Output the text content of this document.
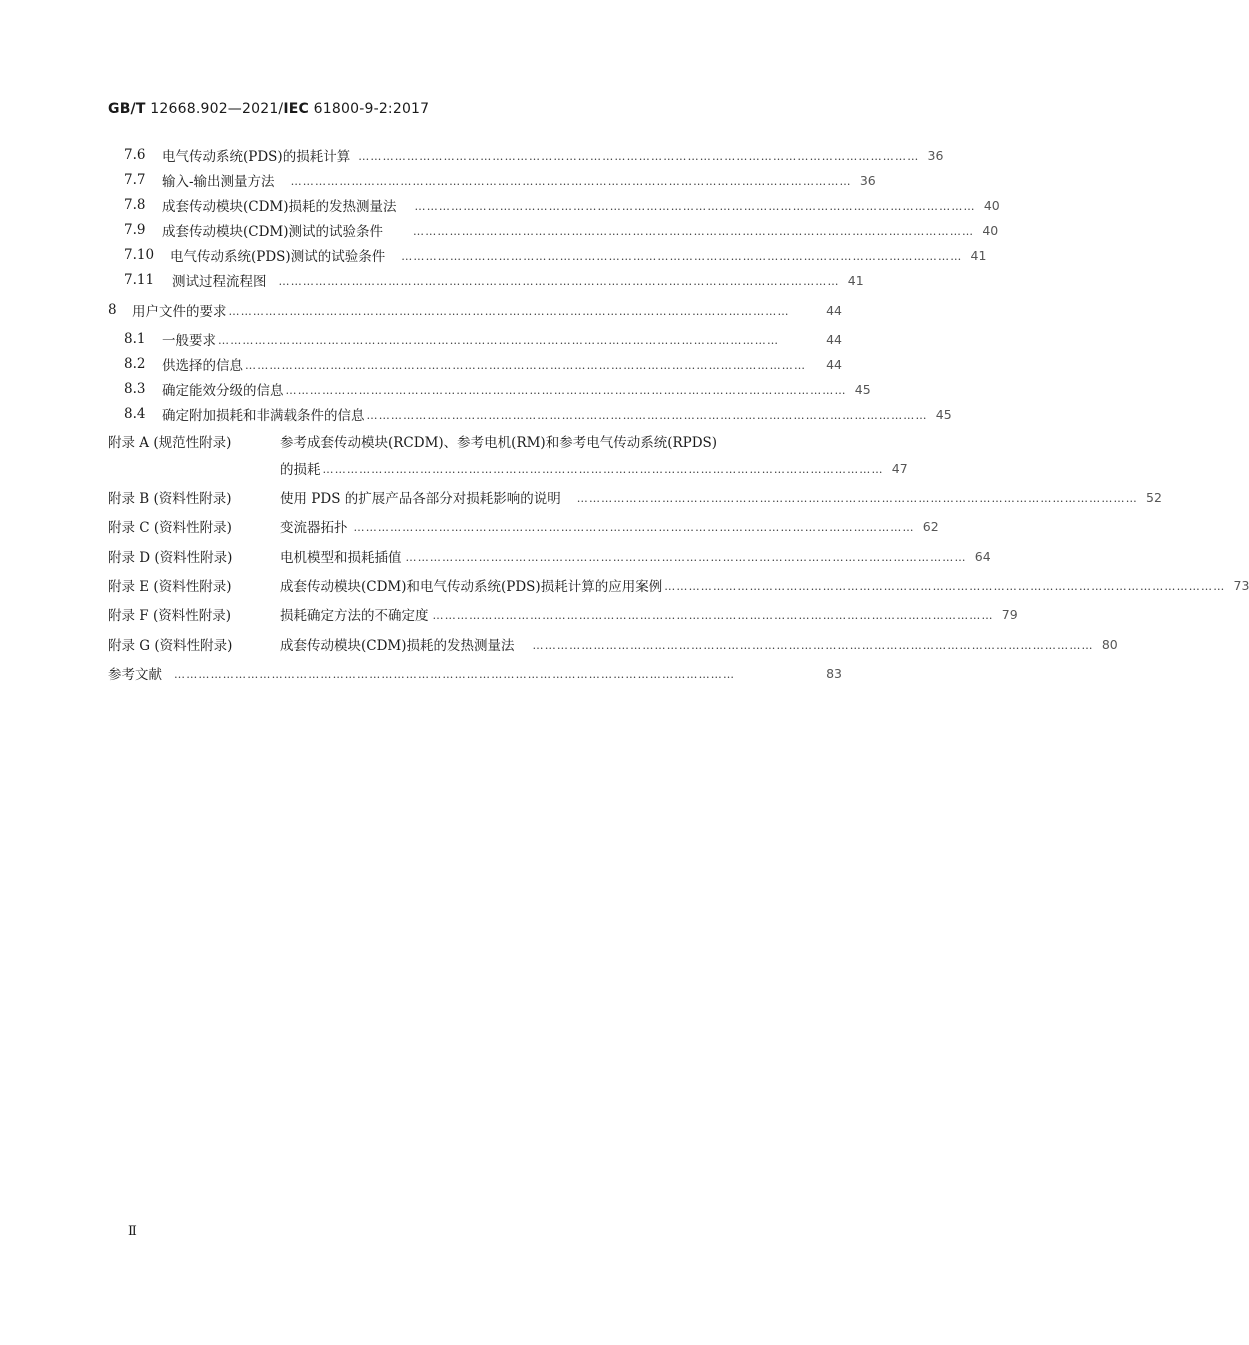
GB/T 12668.902—2021/IEC 61800-9-2:2017
7.6 电气传动系统(PDS)的损耗计算 ………………………………………………………………………………………………………………………… 36
7.7 输入-输出测量方法 ………………………………………………………………………………………………………………………… 36
7.8 成套传动模块(CDM)损耗的发热测量法 ………………………………………………………………………………………………………………………… 40
7.9 成套传动模块(CDM)测试的试验条件	………………………………………………………………………………………………………………………… 40
7.10 电气传动系统(PDS)测试的试验条件 ………………………………………………………………………………………………………………………… 41
7.11 测试过程流程图 ………………………………………………………………………………………………………………………… 41
8 用户文件的要求 …………………………………………………………………………………………………………………………	44
8.1 一般要求 …………………………………………………………………………………………………………………………	44
8.2 供选择的信息 …………………………………………………………………………………………………………………………	44
8.3 确定能效分级的信息 ………………………………………………………………………………………………………………………… 45
8.4 确定附加损耗和非满载条件的信息 ………………………………………………………………………………………………………………………… 45
附录 A (规范性附录)	参考成套传动模块(RCDM)、参考电机(RM)和参考电气传动系统(RPDS)
的损耗 ………………………………………………………………………………………………………………………… 47
附录 B (资料性附录)	使用 PDS 的扩展产品各部分对损耗影响的说明 ………………………………………………………………………………………………………………………… 52
附录 C (资料性附录)	变流器拓扑 ………………………………………………………………………………………………………………………… 62
附录 D (资料性附录)	电机模型和损耗插值 ………………………………………………………………………………………………………………………… 64
附录 E (资料性附录)	成套传动模块(CDM)和电气传动系统(PDS)损耗计算的应用案例 ………………………………………………………………………………………………………………………… 73
附录 F (资料性附录)	损耗确定方法的不确定度 ………………………………………………………………………………………………………………………… 79
附录 G (资料性附录)	成套传动模块(CDM)损耗的发热测量法 ………………………………………………………………………………………………………………………… 80
参考文献 …………………………………………………………………………………………………………………………	83
Ⅱ
